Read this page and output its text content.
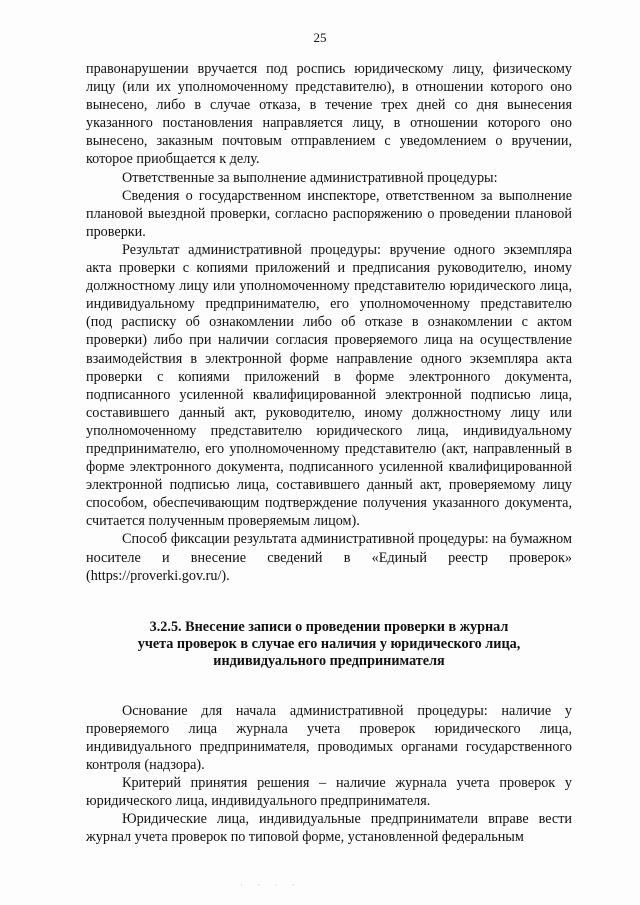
25

правонарушении вручается под роспись юридическому лицу, физическому лицу (или их уполномоченному представителю), в отношении которого оно вынесено, либо в случае отказа, в течение трех дней со дня вынесения указанного постановления направляется лицу, в отношении которого оно вынесено, заказным почтовым отправлением с уведомлением о вручении, которое приобщается к делу.

Ответственные за выполнение административной процедуры:

Сведения о государственном инспекторе, ответственном за выполнение плановой выездной проверки, согласно распоряжению о проведении плановой проверки.

Результат административной процедуры: вручение одного экземпляра акта проверки с копиями приложений и предписания руководителю, иному должностному лицу или уполномоченному представителю юридического лица, индивидуальному предпринимателю, его уполномоченному представителю (под расписку об ознакомлении либо об отказе в ознакомлении с актом проверки) либо при наличии согласия проверяемого лица на осуществление взаимодействия в электронной форме направление одного экземпляра акта проверки с копиями приложений в форме электронного документа, подписанного усиленной квалифицированной электронной подписью лица, составившего данный акт, руководителю, иному должностному лицу или уполномоченному представителю юридического лица, индивидуальному предпринимателю, его уполномоченному представителю (акт, направленный в форме электронного документа, подписанного усиленной квалифицированной электронной подписью лица, составившего данный акт, проверяемому лицу способом, обеспечивающим подтверждение получения указанного документа, считается полученным проверяемым лицом).

Способ фиксации результата административной процедуры: на бумажном носителе и внесение сведений в «Единый реестр проверок» (https://proverki.gov.ru/).

3.2.5. Внесение записи о проведении проверки в журнал
учета проверок в случае его наличия у юридического лица,
индивидуального предпринимателя

Основание для начала административной процедуры: наличие у проверяемого лица журнала учета проверок юридического лица, индивидуального предпринимателя, проводимых органами государственного контроля (надзора).

Критерий принятия решения – наличие журнала учета проверок у юридического лица, индивидуального предпринимателя.

Юридические лица, индивидуальные предприниматели вправе вести журнал учета проверок по типовой форме, установленной федеральным

· · · ·
